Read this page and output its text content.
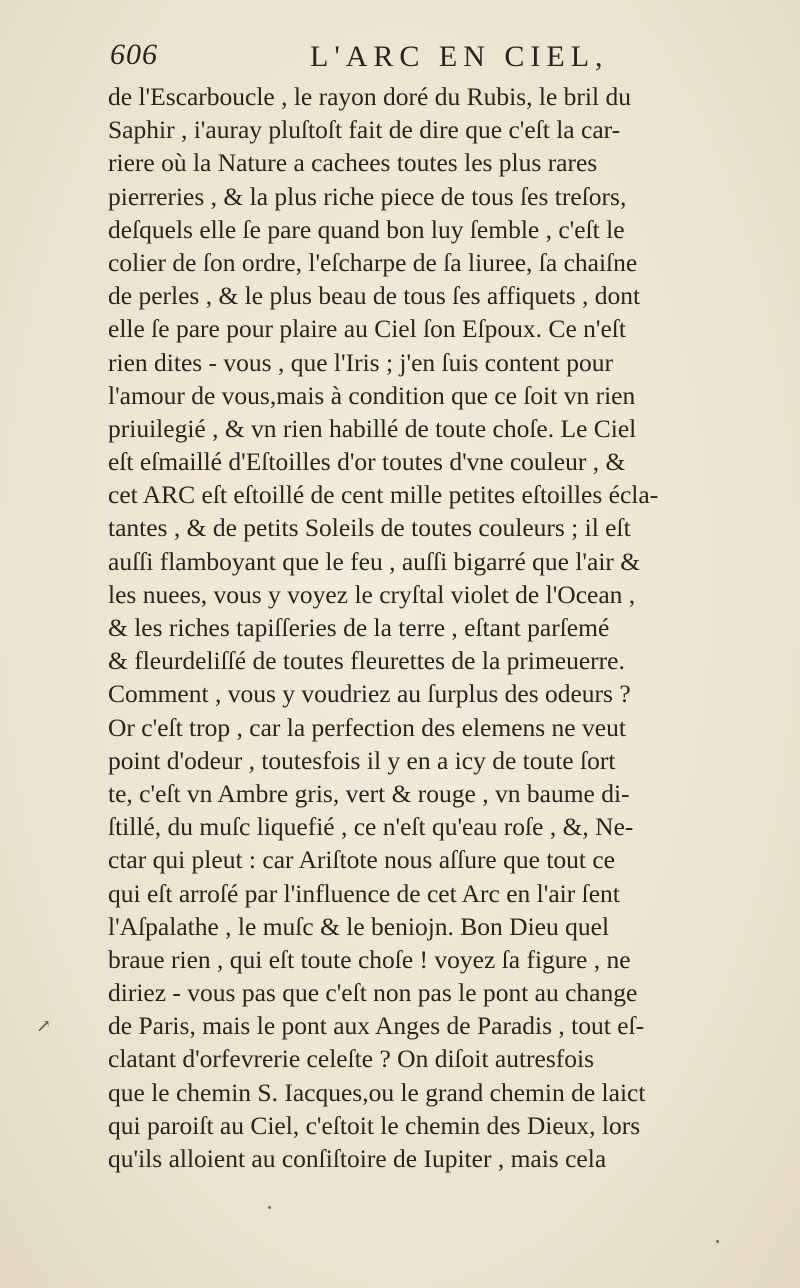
606	L'ARC EN CIEL,
de l'Escarboucle , le rayon doré du Rubis, le bril du
Saphir , i'auray pluſtoſt fait de dire que c'eſt la car-
riere où la Nature a cachees toutes les plus rares
pierreries , & la plus riche piece de tous ſes treſors,
deſquels elle ſe pare quand bon luy ſemble , c'eſt le
colier de ſon ordre, l'eſcharpe de ſa liuree, ſa chaiſne
de perles , & le plus beau de tous ſes affiquets , dont
elle ſe pare pour plaire au Ciel ſon Eſpoux. Ce n'eſt
rien dites - vous , que l'Iris ; j'en ſuis content pour
l'amour de vous,mais à condition que ce ſoit vn rien
priuilegié , & vn rien habillé de toute choſe. Le Ciel
eſt eſmaillé d'Eſtoilles d'or toutes d'vne couleur , &
cet ARC eſt eſtoillé de cent mille petites eſtoilles écla-
tantes , & de petits Soleils de toutes couleurs ; il eſt
auſſi flamboyant que le feu , auſſi bigarré que l'air &
les nuees, vous y voyez le cryſtal violet de l'Ocean ,
& les riches tapiſſeries de la terre , eſtant parſemé
& fleurdeliſſé de toutes fleurettes de la primeuerre.
Comment , vous y voudriez au ſurplus des odeurs ?
Or c'eſt trop , car la perfection des elemens ne veut
point d'odeur , toutesfois il y en a icy de toute ſort
te, c'eſt vn Ambre gris, vert & rouge , vn baume di-
ſtillé, du muſc liquefié , ce n'eſt qu'eau roſe , &, Ne-
ctar qui pleut : car Ariſtote nous aſſure que tout ce
qui eſt arroſé par l'influence de cet Arc en l'air ſent
l'Aſpalathe , le muſc & le beniojn. Bon Dieu quel
braue rien , qui eſt toute choſe ! voyez ſa figure , ne
diriez - vous pas que c'eſt non pas le pont au change
de Paris, mais le pont aux Anges de Paradis , tout eſ-
clatant d'orfevrerie celeſte ? On diſoit autresfois
que le chemin S. Iacques,ou le grand chemin de laict
qui paroiſt au Ciel, c'eſtoit le chemin des Dieux, lors
qu'ils alloient au conſiſtoire de Iupiter , mais cela
↗
